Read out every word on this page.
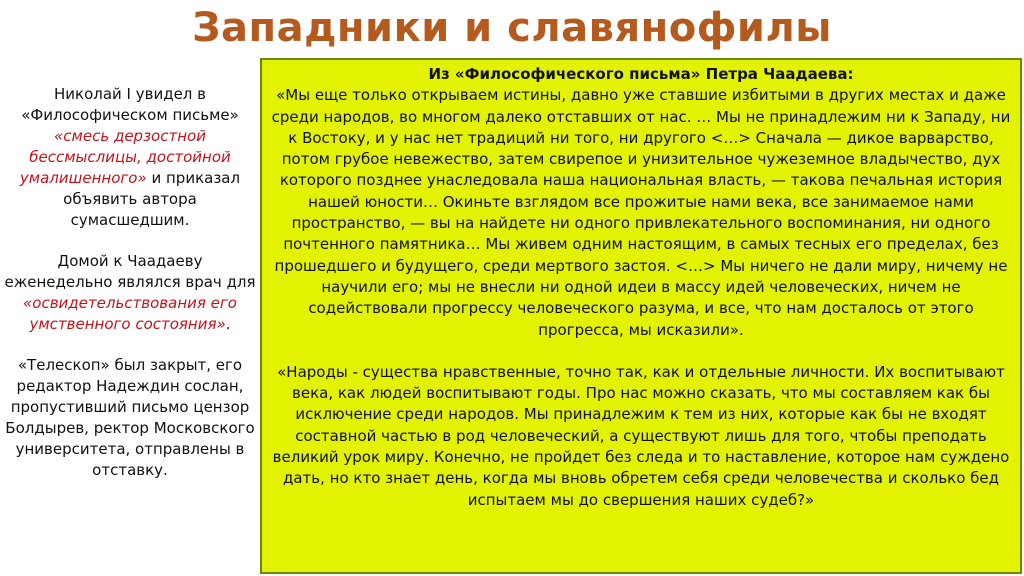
Западники и славянофилы

Николай I увидел в «Философическом письме» «смесь дерзостной бессмыслицы, достойной умалишенного» и приказал объявить автора сумасшедшим.

Домой к Чаадаеву еженедельно являлся врач для «освидетельствования его умственного состояния».

«Телескоп» был закрыт, его редактор Надеждин сослан, пропустивший письмо цензор Болдырев, ректор Московского университета, отправлены в отставку.

Из «Философического письма» Петра Чаадаева:

«Мы еще только открываем истины, давно уже ставшие избитыми в других местах и даже среди народов, во многом далеко отставших от нас. … Мы не принадлежим ни к Западу, ни к Востоку, и у нас нет традиций ни того, ни другого <…> Сначала — дикое варварство, потом грубое невежество, затем свирепое и унизительное чужеземное владычество, дух которого позднее унаследовала наша национальная власть, — такова печальная история нашей юности… Окиньте взглядом все прожитые нами века, все занимаемое нами пространство, — вы на найдете ни одного привлекательного воспоминания, ни одного почтенного памятника… Мы живем одним настоящим, в самых тесных его пределах, без прошедшего и будущего, среди мертвого застоя. <…> Мы ничего не дали миру, ничему не научили его; мы не внесли ни одной идеи в массу идей человеческих, ничем не содействовали прогрессу человеческого разума, и все, что нам досталось от этого прогресса, мы исказили».

«Народы - существа нравственные, точно так, как и отдельные личности. Их воспитывают века, как людей воспитывают годы. Про нас можно сказать, что мы составляем как бы исключение среди народов. Мы принадлежим к тем из них, которые как бы не входят составной частью в род человеческий, а существуют лишь для того, чтобы преподать великий урок миру. Конечно, не пройдет без следа и то наставление, которое нам суждено дать, но кто знает день, когда мы вновь обретем себя среди человечества и сколько бед испытаем мы до свершения наших судеб?»
